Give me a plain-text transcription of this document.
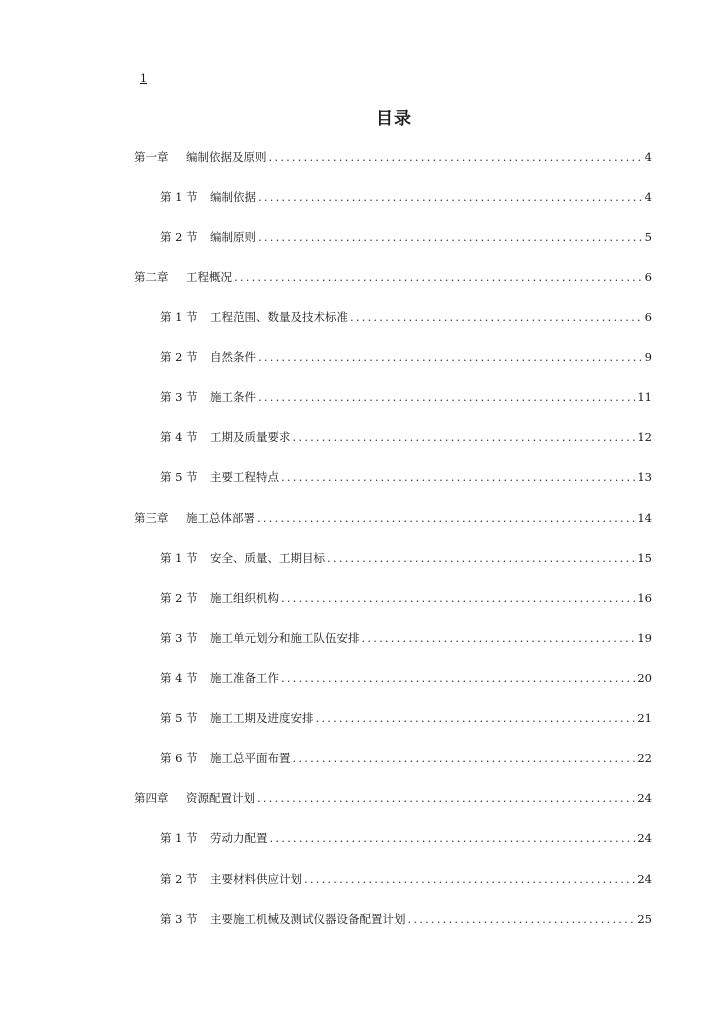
1
目录
第一章	编制依据及原则 .....	4
第 1 节	编制依据 .....	4
第 2 节	编制原则 .....	5
第二章	工程概况 .....	6
第 1 节	工程范围、数量及技术标准 .....	6
第 2 节	自然条件 .....	9
第 3 节	施工条件 .....	11
第 4 节	工期及质量要求 .....	12
第 5 节	主要工程特点 .....	13
第三章	施工总体部署 .....	14
第 1 节	安全、质量、工期目标 .....	15
第 2 节	施工组织机构 .....	16
第 3 节	施工单元划分和施工队伍安排 .....	19
第 4 节	施工准备工作 .....	20
第 5 节	施工工期及进度安排 .....	21
第 6 节	施工总平面布置 .....	22
第四章	资源配置计划 .....	24
第 1 节	劳动力配置 .....	24
第 2 节	主要材料供应计划 .....	24
第 3 节	主要施工机械及测试仪器设备配置计划 .....	25
